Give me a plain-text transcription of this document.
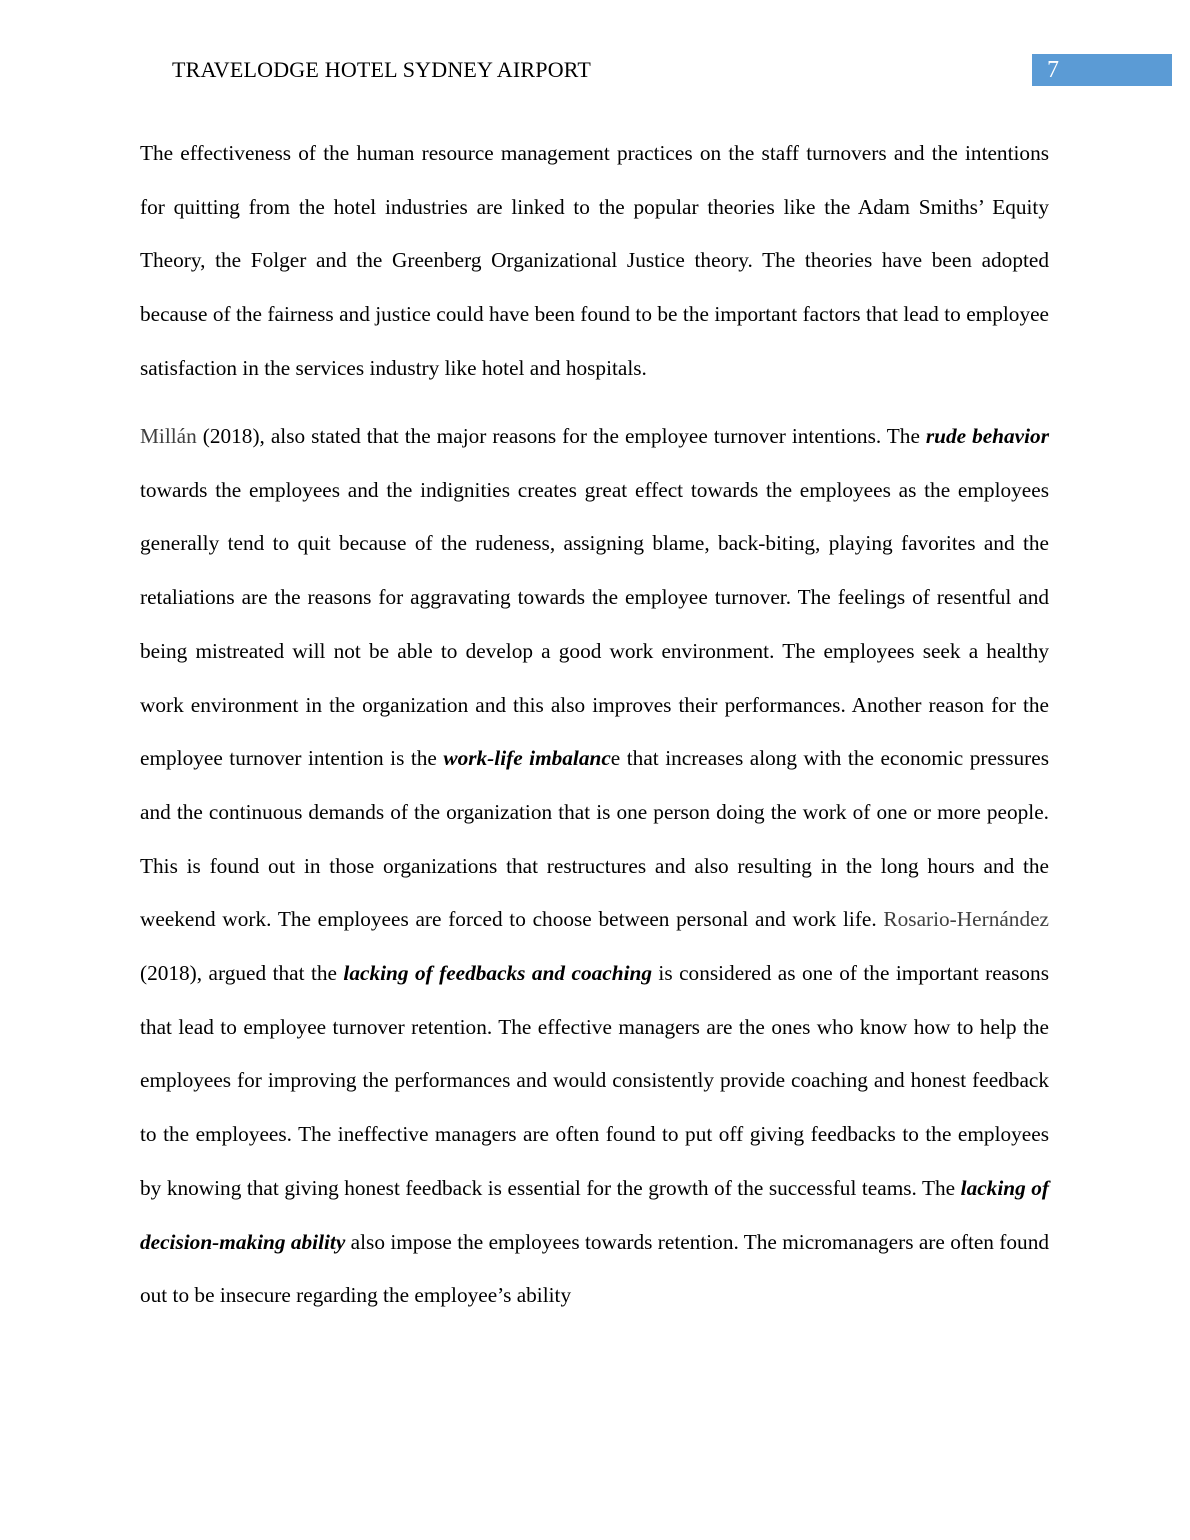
TRAVELODGE HOTEL SYDNEY AIRPORT	7

The effectiveness of the human resource management practices on the staff turnovers and the intentions for quitting from the hotel industries are linked to the popular theories like the Adam Smiths’ Equity Theory, the Folger and the Greenberg Organizational Justice theory. The theories have been adopted because of the fairness and justice could have been found to be the important factors that lead to employee satisfaction in the services industry like hotel and hospitals.

Millán (2018), also stated that the major reasons for the employee turnover intentions. The rude behavior towards the employees and the indignities creates great effect towards the employees as the employees generally tend to quit because of the rudeness, assigning blame, back-biting, playing favorites and the retaliations are the reasons for aggravating towards the employee turnover. The feelings of resentful and being mistreated will not be able to develop a good work environment. The employees seek a healthy work environment in the organization and this also improves their performances. Another reason for the employee turnover intention is the work-life imbalance that increases along with the economic pressures and the continuous demands of the organization that is one person doing the work of one or more people. This is found out in those organizations that restructures and also resulting in the long hours and the weekend work. The employees are forced to choose between personal and work life. Rosario-Hernández (2018), argued that the lacking of feedbacks and coaching is considered as one of the important reasons that lead to employee turnover retention. The effective managers are the ones who know how to help the employees for improving the performances and would consistently provide coaching and honest feedback to the employees. The ineffective managers are often found to put off giving feedbacks to the employees by knowing that giving honest feedback is essential for the growth of the successful teams. The lacking of decision-making ability also impose the employees towards retention. The micromanagers are often found out to be insecure regarding the employee’s ability
